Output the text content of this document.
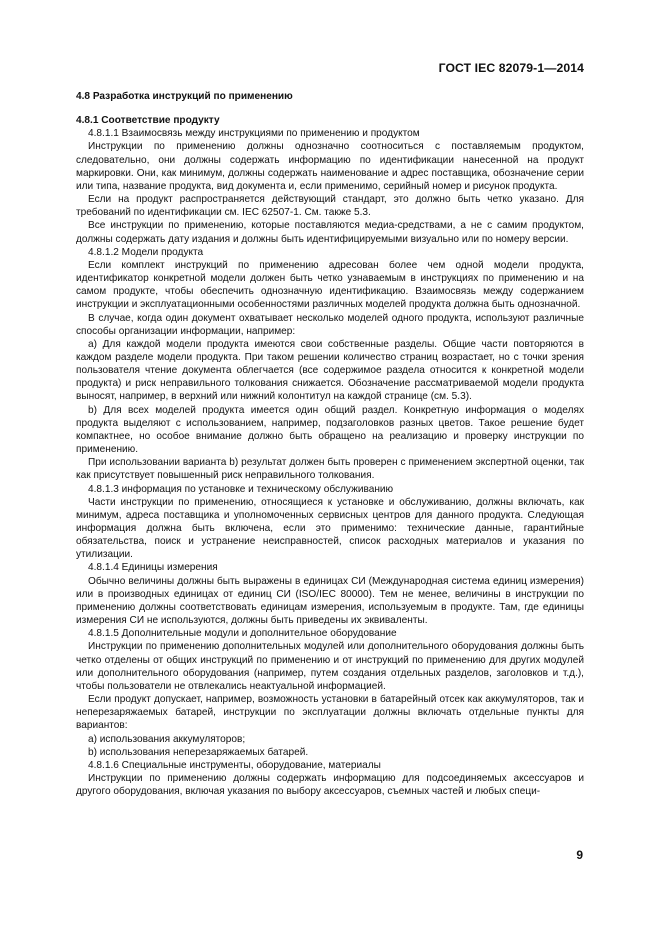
ГОСТ IEC 82079-1—2014

4.8 Разработка инструкций по применению

4.8.1 Соответствие продукту

4.8.1.1 Взаимосвязь между инструкциями по применению и продуктом

Инструкции по применению должны однозначно соотноситься с поставляемым продуктом, следовательно, они должны содержать информацию по идентификации нанесенной на продукт маркировки. Они, как минимум, должны содержать наименование и адрес поставщика, обозначение серии или типа, название продукта, вид документа и, если применимо, серийный номер и рисунок продукта.

Если на продукт распространяется действующий стандарт, это должно быть четко указано. Для требований по идентификации см. IEC 62507-1. См. также 5.3.

Все инструкции по применению, которые поставляются медиа-средствами, а не с самим продуктом, должны содержать дату издания и должны быть идентифицируемыми визуально или по номеру версии.

4.8.1.2 Модели продукта

Если комплект инструкций по применению адресован более чем одной модели продукта, идентификатор конкретной модели должен быть четко узнаваемым в инструкциях по применению и на самом продукте, чтобы обеспечить однозначную идентификацию. Взаимосвязь между содержанием инструкции и эксплуатационными особенностями различных моделей продукта должна быть однозначной.

В случае, когда один документ охватывает несколько моделей одного продукта, используют различные способы организации информации, например:

a) Для каждой модели продукта имеются свои собственные разделы. Общие части повторяются в каждом разделе модели продукта. При таком решении количество страниц возрастает, но с точки зрения пользователя чтение документа облегчается (все содержимое раздела относится к конкретной модели продукта) и риск неправильного толкования снижается. Обозначение рассматриваемой модели продукта выносят, например, в верхний или нижний колонтитул на каждой странице (см. 5.3).

b) Для всех моделей продукта имеется один общий раздел. Конкретную информация о моделях продукта выделяют с использованием, например, подзаголовков разных цветов. Такое решение будет компактнее, но особое внимание должно быть обращено на реализацию и проверку инструкции по применению.

При использовании варианта b) результат должен быть проверен с применением экспертной оценки, так как присутствует повышенный риск неправильного толкования.

4.8.1.3 информация по установке и техническому обслуживанию

Части инструкции по применению, относящиеся к установке и обслуживанию, должны включать, как минимум, адреса поставщика и уполномоченных сервисных центров для данного продукта. Следующая информация должна быть включена, если это применимо: технические данные, гарантийные обязательства, поиск и устранение неисправностей, список расходных материалов и указания по утилизации.

4.8.1.4 Единицы измерения

Обычно величины должны быть выражены в единицах СИ (Международная система единиц измерения) или в производных единицах от единиц СИ (ISO/IEC 80000). Тем не менее, величины в инструкции по применению должны соответствовать единицам измерения, используемым в продукте. Там, где единицы измерения СИ не используются, должны быть приведены их эквиваленты.

4.8.1.5 Дополнительные модули и дополнительное оборудование

Инструкции по применению дополнительных модулей или дополнительного оборудования должны быть четко отделены от общих инструкций по применению и от инструкций по применению для других модулей или дополнительного оборудования (например, путем создания отдельных разделов, заголовков и т.д.), чтобы пользователи не отвлекались неактуальной информацией.

Если продукт допускает, например, возможность установки в батарейный отсек как аккумуляторов, так и неперезаряжаемых батарей, инструкции по эксплуатации должны включать отдельные пункты для вариантов:

a) использования аккумуляторов;

b) использования неперезаряжаемых батарей.

4.8.1.6 Специальные инструменты, оборудование, материалы

Инструкции по применению должны содержать информацию для подсоединяемых аксессуаров и другого оборудования, включая указания по выбору аксессуаров, съемных частей и любых специ-

9
